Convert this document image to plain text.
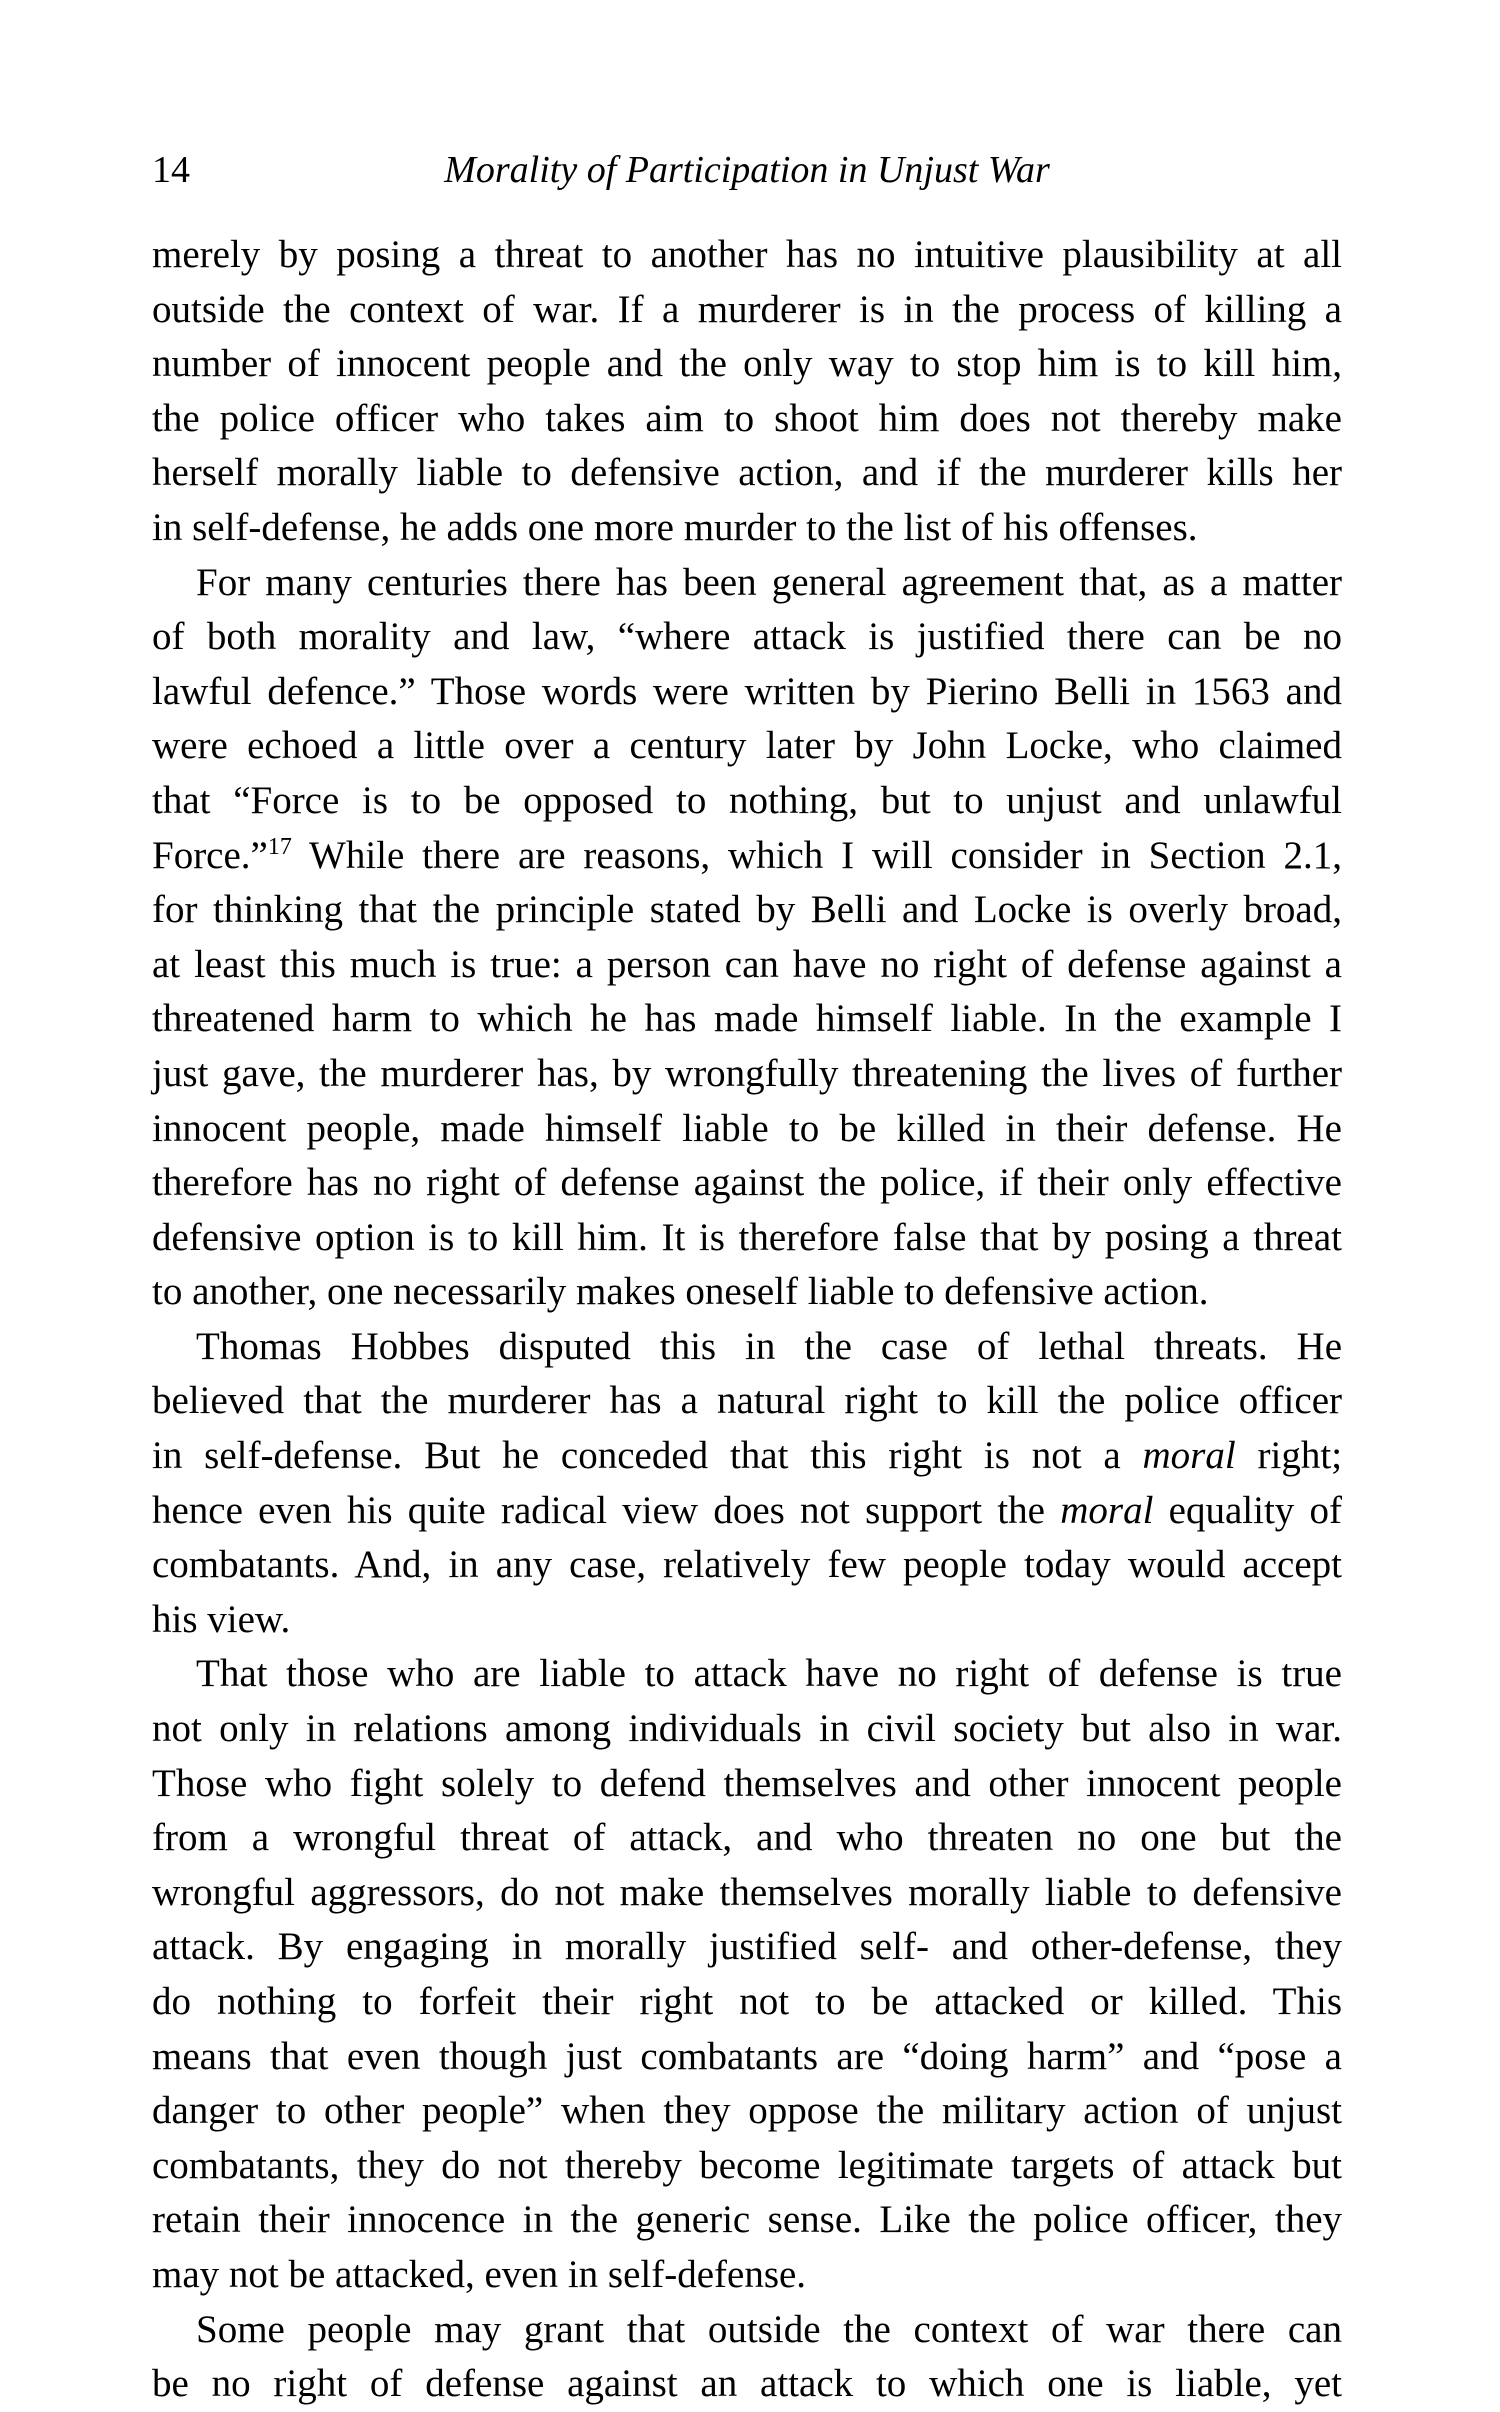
14	Morality of Participation in Unjust War
merely by posing a threat to another has no intuitive plausibility at all
outside the context of war. If a murderer is in the process of killing a
number of innocent people and the only way to stop him is to kill him,
the police officer who takes aim to shoot him does not thereby make
herself morally liable to defensive action, and if the murderer kills her
in self-defense, he adds one more murder to the list of his offenses.
For many centuries there has been general agreement that, as a matter
of both morality and law, “where attack is justified there can be no
lawful defence.” Those words were written by Pierino Belli in 1563 and
were echoed a little over a century later by John Locke, who claimed
that “Force is to be opposed to nothing, but to unjust and unlawful
Force.”$^{17}$ While there are reasons, which I will consider in Section 2.1,
for thinking that the principle stated by Belli and Locke is overly broad,
at least this much is true: a person can have no right of defense against a
threatened harm to which he has made himself liable. In the example I
just gave, the murderer has, by wrongfully threatening the lives of further
innocent people, made himself liable to be killed in their defense. He
therefore has no right of defense against the police, if their only effective
defensive option is to kill him. It is therefore false that by posing a threat
to another, one necessarily makes oneself liable to defensive action.
Thomas Hobbes disputed this in the case of lethal threats. He
believed that the murderer has a natural right to kill the police officer
in self-defense. But he conceded that this right is not a moral right;
hence even his quite radical view does not support the moral equality of
combatants. And, in any case, relatively few people today would accept
his view.
That those who are liable to attack have no right of defense is true
not only in relations among individuals in civil society but also in war.
Those who fight solely to defend themselves and other innocent people
from a wrongful threat of attack, and who threaten no one but the
wrongful aggressors, do not make themselves morally liable to defensive
attack. By engaging in morally justified self- and other-defense, they
do nothing to forfeit their right not to be attacked or killed. This
means that even though just combatants are “doing harm” and “pose a
danger to other people” when they oppose the military action of unjust
combatants, they do not thereby become legitimate targets of attack but
retain their innocence in the generic sense. Like the police officer, they
may not be attacked, even in self-defense.
Some people may grant that outside the context of war there can
be no right of defense against an attack to which one is liable, yet
